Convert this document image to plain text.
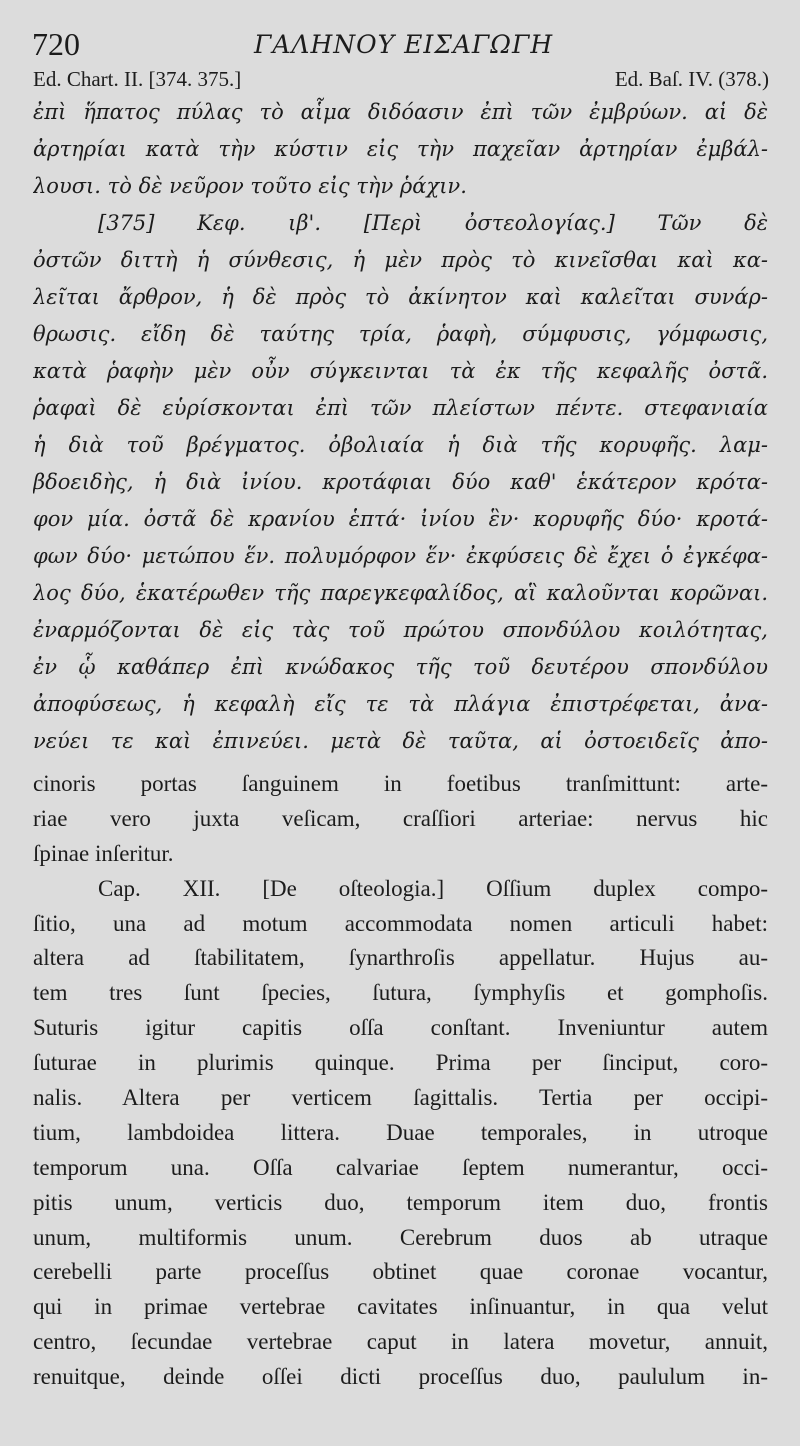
720	ΓΑΛΗΝΟΥ ΕΙΣΑΓΩΓΗ
Ed. Chart. II. [374. 375.]	Ed. Baſ. IV. (378.)
ἐπὶ ἥπατος πύλας τὸ αἷμα διδόασιν ἐπὶ τῶν ἐμβρύων. αἱ δὲ
ἀρτηρίαι κατὰ τὴν κύστιν εἰς τὴν παχεῖαν ἀρτηρίαν ἐμβάλ-
λουσι. τὸ δὲ νεῦρον τοῦτο εἰς τὴν ῥάχιν.
[375] Κεφ. ιβ'. [Περὶ ὀστεολογίας.] Τῶν δὲ
ὀστῶν διττὴ ἡ σύνθεσις, ἡ μὲν πρὸς τὸ κινεῖσθαι καὶ κα-
λεῖται ἄρθρον, ἡ δὲ πρὸς τὸ ἀκίνητον καὶ καλεῖται συνάρ-
θρωσις. εἴδη δὲ ταύτης τρία, ῥαφὴ, σύμφυσις, γόμφωσις,
κατὰ ῥαφὴν μὲν οὖν σύγκεινται τὰ ἐκ τῆς κεφαλῆς ὀστᾶ.
ῥαφαὶ δὲ εὑρίσκονται ἐπὶ τῶν πλείστων πέντε. στεφανιαία
ἡ διὰ τοῦ βρέγματος. ὀβολιαία ἡ διὰ τῆς κορυφῆς. λαμ-
βδοειδὴς, ἡ διὰ ἰνίου. κροτάφιαι δύο καθ' ἑκάτερον κρότα-
φον μία. ὀστᾶ δὲ κρανίου ἑπτά· ἰνίου ἓν· κορυφῆς δύο· κροτά-
φων δύο· μετώπου ἕν. πολυμόρφον ἕν· ἐκφύσεις δὲ ἔχει ὁ ἐγκέφα-
λος δύο, ἑκατέρωθεν τῆς παρεγκεφαλίδος, αἳ καλοῦνται κορῶναι.
ἐναρμόζονται δὲ εἰς τὰς τοῦ πρώτου σπονδύλου κοιλότητας,
ἐν ᾧ καθάπερ ἐπὶ κνώδακος τῆς τοῦ δευτέρου σπονδύλου
ἀποφύσεως, ἡ κεφαλὴ εἴς τε τὰ πλάγια ἐπιστρέφεται, ἀνα-
νεύει τε καὶ ἐπινεύει. μετὰ δὲ ταῦτα, αἱ ὀστοειδεῖς ἀπο-
cinoris portas ſanguinem in foetibus tranſmittunt: arte-
riae vero juxta veſicam, craſſiori arteriae: nervus hic
ſpinae inſeritur.
Cap. XII. [De oſteologia.] Oſſium duplex compo-
ſitio, una ad motum accommodata nomen articuli habet:
altera ad ſtabilitatem, ſynarthroſis appellatur. Hujus au-
tem tres ſunt ſpecies, ſutura, ſymphyſis et gomphoſis.
Suturis igitur capitis oſſa conſtant. Inveniuntur autem
ſuturae in plurimis quinque. Prima per ſinciput, coro-
nalis. Altera per verticem ſagittalis. Tertia per occipi-
tium, lambdoidea littera. Duae temporales, in utroque
temporum una. Oſſa calvariae ſeptem numerantur, occi-
pitis unum, verticis duo, temporum item duo, frontis
unum, multiformis unum. Cerebrum duos ab utraque
cerebelli parte proceſſus obtinet quae coronae vocantur,
qui in primae vertebrae cavitates inſinuantur, in qua velut
centro, ſecundae vertebrae caput in latera movetur, annuit,
renuitque, deinde oſſei dicti proceſſus duo, paululum in-
